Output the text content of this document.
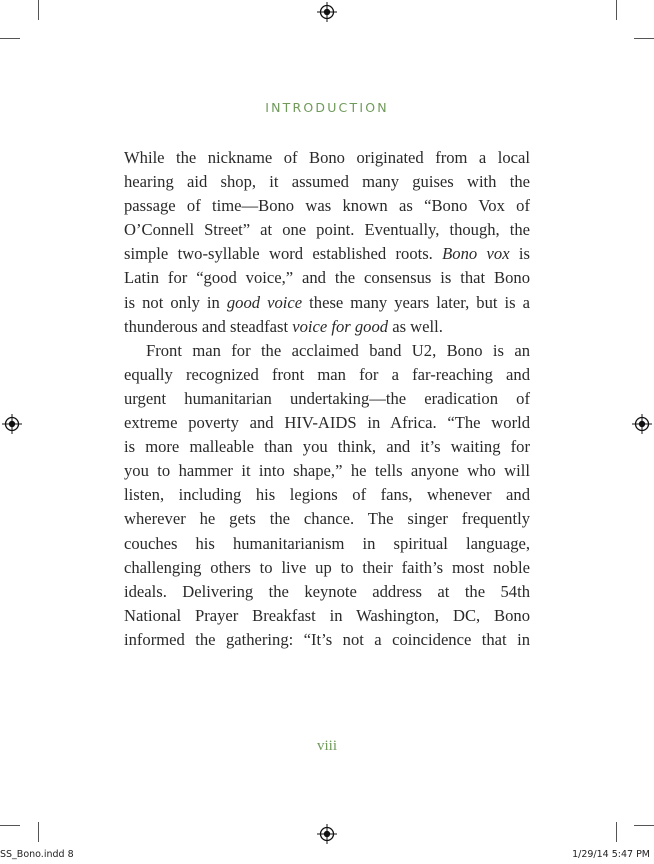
INTRODUCTION
While the nickname of Bono originated from a local
hearing aid shop, it assumed many guises with the
passage of time—Bono was known as “Bono Vox of
O’Connell Street” at one point. Eventually, though, the
simple two-syllable word established roots. Bono vox is
Latin for “good voice,” and the consensus is that Bono
is not only in good voice these many years later, but is a
thunderous and steadfast voice for good as well.
Front man for the acclaimed band U2, Bono is an
equally recognized front man for a far-reaching and
urgent humanitarian undertaking—the eradication of
extreme poverty and HIV-AIDS in Africa. “The world
is more malleable than you think, and it’s waiting for
you to hammer it into shape,” he tells anyone who will
listen, including his legions of fans, whenever and
wherever he gets the chance. The singer frequently
couches his humanitarianism in spiritual language,
challenging others to live up to their faith’s most noble
ideals. Delivering the keynote address at the 54th
National Prayer Breakfast in Washington, DC, Bono
informed the gathering: “It’s not a coincidence that in
viii
SS_Bono.indd 8	1/29/14 5:47 PM
